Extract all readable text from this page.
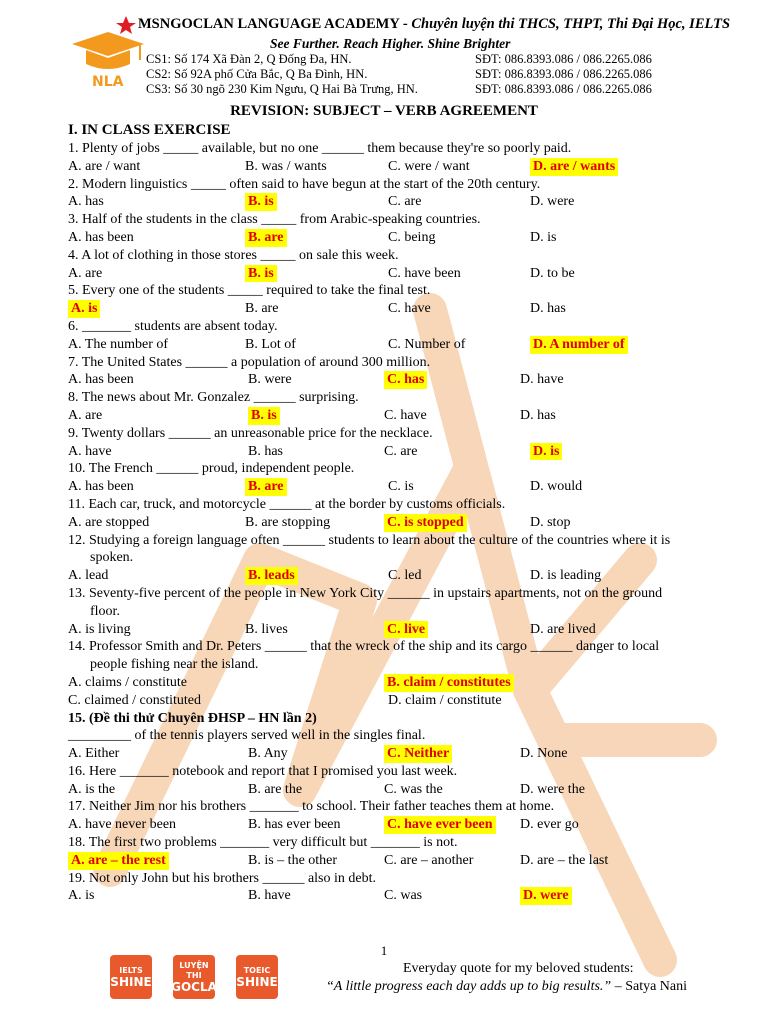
NLA
MSNGOCLAN LANGUAGE ACADEMY - Chuyên luyện thi THCS, THPT, Thi Đại Học, IELTS
See Further. Reach Higher. Shine Brighter
CS1: Số 174 Xã Đàn 2, Q Đống Đa, HN.	SĐT: 086.8393.086 / 086.2265.086
CS2: Số 92A phố Cửa Bắc, Q Ba Đình, HN.	SĐT: 086.8393.086 / 086.2265.086
CS3: Số 30 ngõ 230 Kim Ngưu, Q Hai Bà Trưng, HN.	SĐT: 086.8393.086 / 086.2265.086
REVISION: SUBJECT – VERB AGREEMENT
I. IN CLASS EXERCISE
1. Plenty of jobs _____ available, but no one ______ them because they're so poorly paid.
A. are / want	B. was / wants	C. were / want	D. are / wants
2. Modern linguistics _____ often said to have begun at the start of the 20th century.
A. has	B. is	C. are	D. were
3. Half of the students in the class _____ from Arabic-speaking countries.
A. has been	B. are	C. being	D. is
4. A lot of clothing in those stores _____ on sale this week.
A. are	B. is	C. have been	D. to be
5. Every one of the students _____ required to take the final test.
A. is	B. are	C. have	D. has
6. _______ students are absent today.
A. The number of	B. Lot of	C. Number of	D. A number of
7. The United States ______ a population of around 300 million.
A. has been	B. were	C. has	D. have
8. The news about Mr. Gonzalez ______ surprising.
A. are	B. is	C. have	D. has
9. Twenty dollars ______ an unreasonable price for the necklace.
A. have	B. has	C. are	D. is
10. The French ______ proud, independent people.
A. has been	B. are	C. is	D. would
11. Each car, truck, and motorcycle ______ at the border by customs officials.
A. are stopped	B. are stopping	C. is stopped	D. stop
12. Studying a foreign language often ______ students to learn about the culture of the countries where it is
spoken.
A. lead	B. leads	C. led	D. is leading
13. Seventy-five percent of the people in New York City ______ in upstairs apartments, not on the ground
floor.
A. is living	B. lives	C. live	D. are lived
14. Professor Smith and Dr. Peters ______ that the wreck of the ship and its cargo ______ danger to local
people fishing near the island.
A. claims / constitute	B. claim / constitutes
C. claimed / constituted	D. claim / constitute
15. (Đề thi thử Chuyên ĐHSP – HN lần 2)
_________ of the tennis players served well in the singles final.
A. Either	B. Any	C. Neither	D. None
16. Here _______ notebook and report that I promised you last week.
A. is the	B. are the	C. was the	D. were the
17. Neither Jim nor his brothers _______ to school. Their father teaches them at home.
A. have never been	B. has ever been	C. have ever been D. ever go
18. The first two problems _______ very difficult but _______ is not.
A. are – the rest	B. is – the other	C. are – another	D. are – the last
19. Not only John but his brothers ______ also in debt.
A. is	B. have	C. was	D. were
1
Everyday quote for my beloved students:
“A little progress each day adds up to big results.” – Satya Nani
IELTS
SHINE
LUYỆN THI
NGOCLAN
TOEIC
SHINE
